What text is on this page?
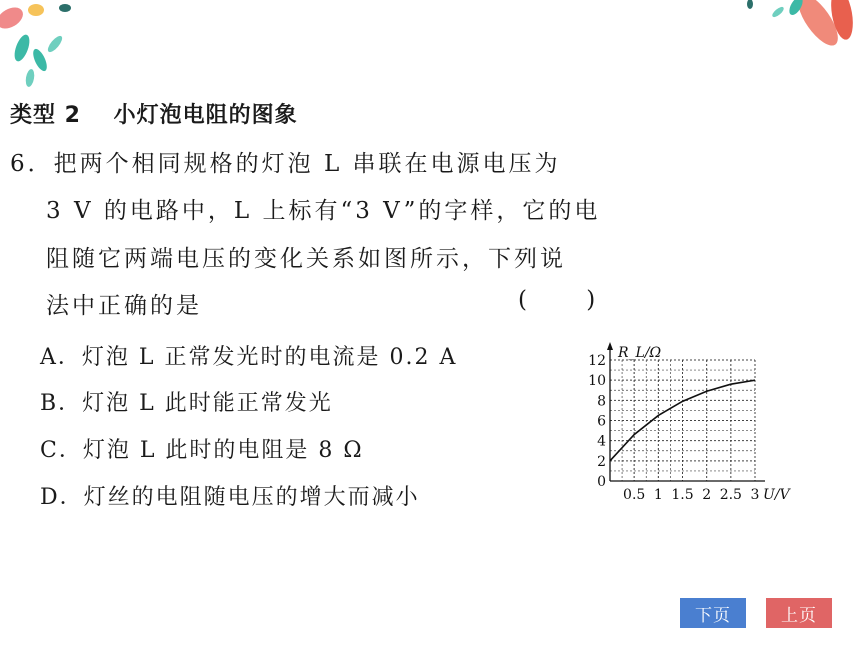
类型 2 小灯泡电阻的图象
6．把两个相同规格的灯泡 L 串联在电源电压为
3 V 的电路中，L 上标有“3 V”的字样，它的电
阻随它两端电压的变化关系如图所示，下列说
法中正确的是	( )
A．灯泡 L 正常发光时的电流是 0.2 A
B．灯泡 L 此时能正常发光
C．灯泡 L 此时的电阻是 8 Ω
D．灯丝的电阻随电压的增大而减小
2
4
6
8
10
12
0
0.5 1 1.5 2 2.5 3 U/V
R_L/Ω
下页	上页
